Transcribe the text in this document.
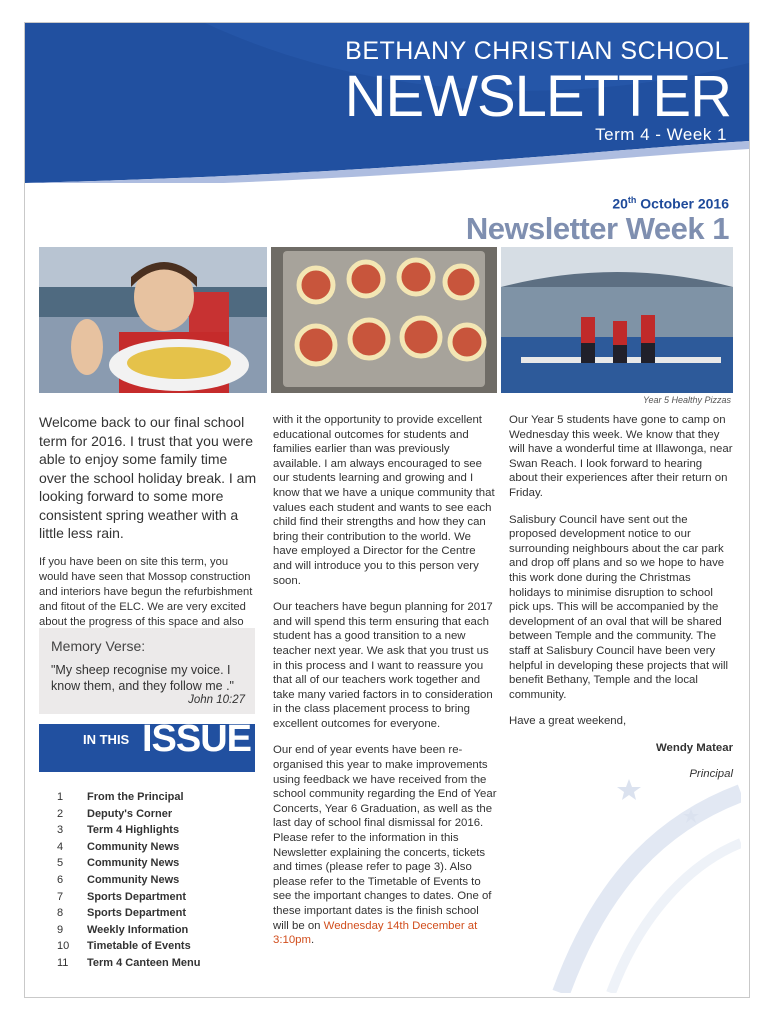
BETHANY CHRISTIAN SCHOOL
NEWSLETTER
Term 4 - Week 1
20th October 2016
Newsletter Week 1
Year 5 Healthy Pizzas

Welcome back to our final school term for 2016. I trust that you were able to enjoy some family time over the school holiday break. I am looking forward to some more consistent spring weather with a little less rain.

If you have been on site this term, you would have seen that Mossop construction and interiors have begun the refurbishment and fitout of the ELC. We are very excited about the progress of this space and also

Memory Verse:
"My sheep recognise my voice. I know them, and they follow me ."
John 10:27
IN THIS ISSUE
1 From the Principal
2 Deputy's Corner
3 Term 4 Highlights
4 Community News
5 Community News
6 Community News
7 Sports Department
8 Sports Department
9 Weekly Information
10 Timetable of Events
11 Term 4 Canteen Menu

with it the opportunity to provide excellent educational outcomes for students and families earlier than was previously available. I am always encouraged to see our students learning and growing and I know that we have a unique community that values each student and wants to see each child find their strengths and how they can bring their contribution to the world. We have employed a Director for the Centre and will introduce you to this person very soon.

Our teachers have begun planning for 2017 and will spend this term ensuring that each student has a good transition to a new teacher next year. We ask that you trust us in this process and I want to reassure you that all of our teachers work together and take many varied factors in to consideration in the class placement process to bring excellent outcomes for everyone.

Our end of year events have been re-organised this year to make improvements using feedback we have received from the school community regarding the End of Year Concerts, Year 6 Graduation, as well as the last day of school final dismissal for 2016. Please refer to the information in this Newsletter explaining the concerts, tickets and times (please refer to page 3). Also please refer to the Timetable of Events to see the important changes to dates. One of these important dates is the finish school will be on Wednesday 14th December at 3:10pm.

Our Year 5 students have gone to camp on Wednesday this week. We know that they will have a wonderful time at Illawonga, near Swan Reach. I look forward to hearing about their experiences after their return on Friday.

Salisbury Council have sent out the proposed development notice to our surrounding neighbours about the car park and drop off plans and so we hope to have this work done during the Christmas holidays to minimise disruption to school pick ups. This will be accompanied by the development of an oval that will be shared between Temple and the community. The staff at Salisbury Council have been very helpful in developing these projects that will benefit Bethany, Temple and the local community.

Have a great weekend,

Wendy Matear

Principal
